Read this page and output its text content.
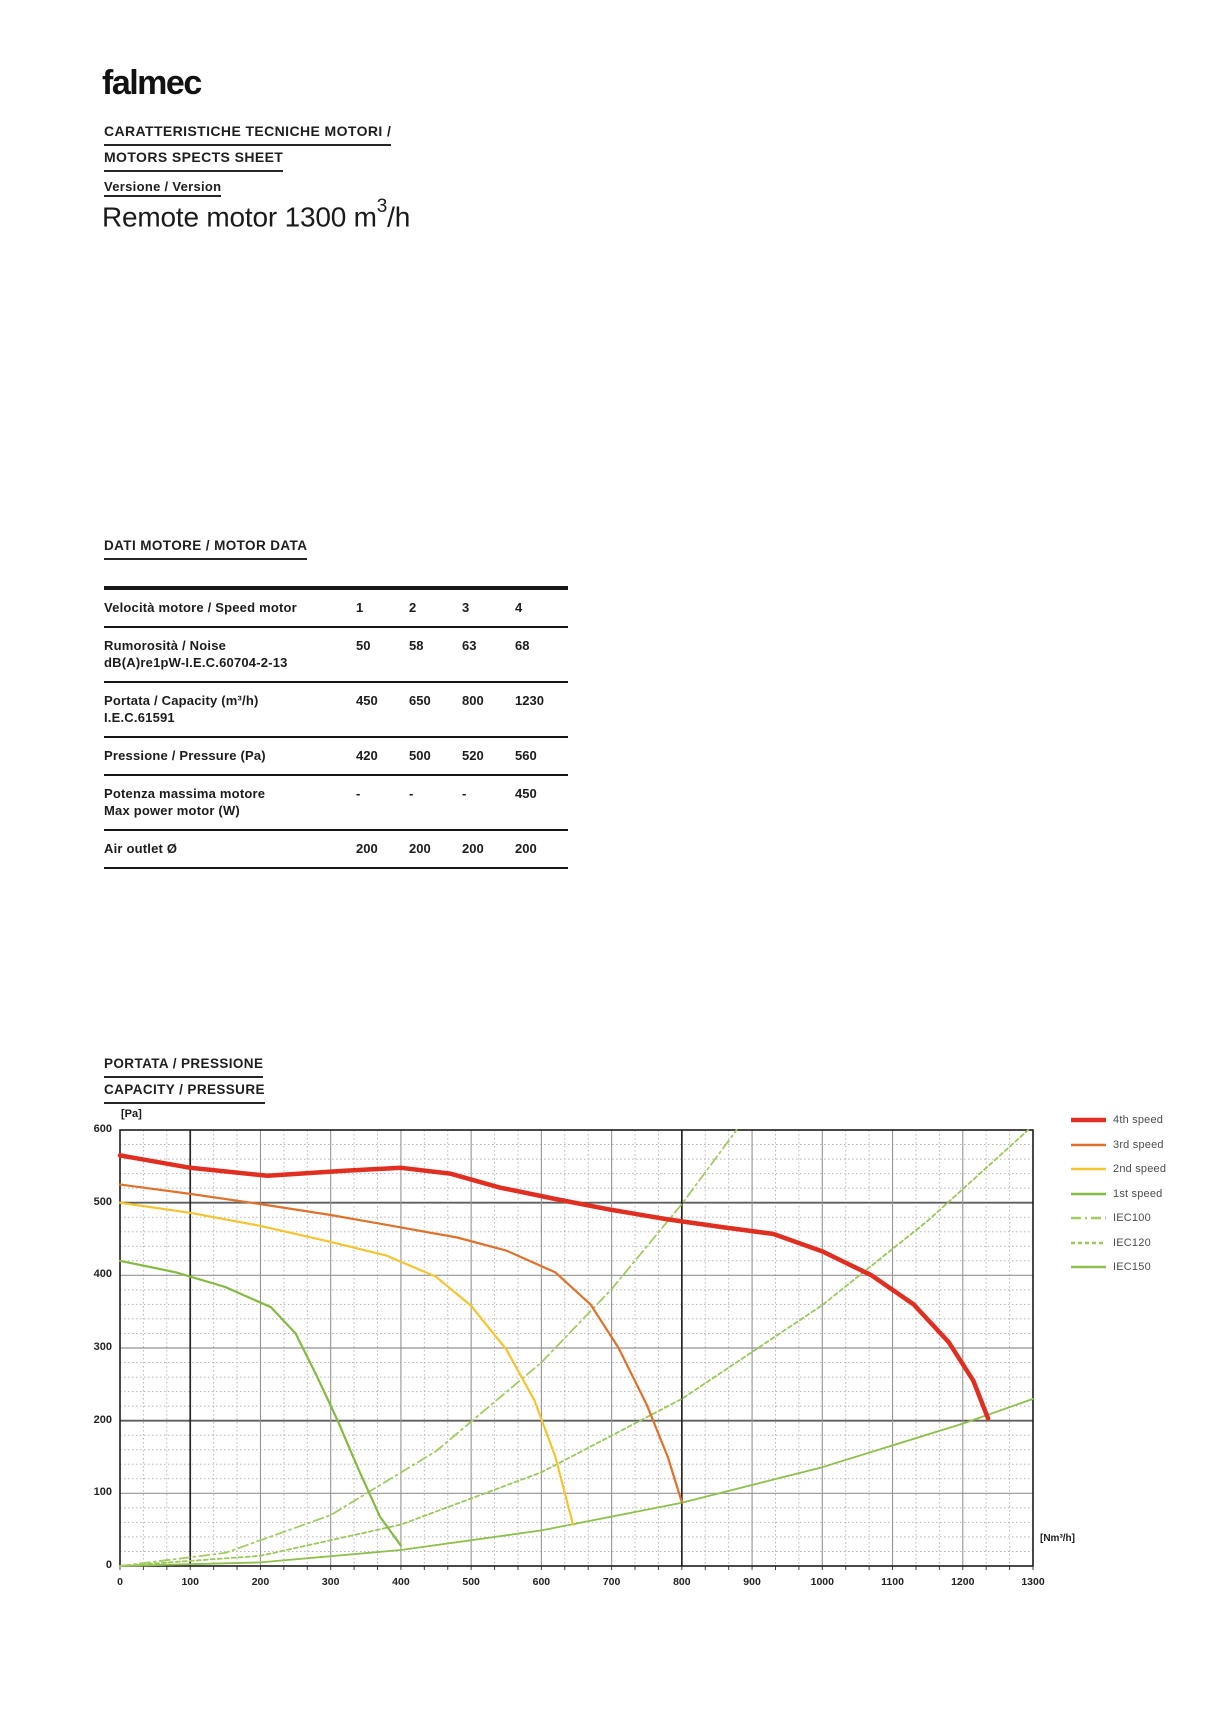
falmec
CARATTERISTICHE TECNICHE MOTORI /
MOTORS SPECTS SHEET
Versione / Version
Remote motor 1300 $m^3/h$
DATI MOTORE / MOTOR DATA
Velocità motore / Speed motor	1	2	3	4
Rumorosità / Noise
dB(A)re1pW-I.E.C.60704-2-13	50	58	63	68
Portata / Capacity (m³/h)
I.E.C.61591	450	650	800	1230
Pressione / Pressure (Pa)	420	500	520	560
Potenza massima motore
Max power motor (W)	-	-	-	450
Air outlet Ø	200	200	200	200
PORTATA / PRESSIONE
CAPACITY / PRESSURE
[Pa]
0
100
200
300
400
500
600
0	100	200	300	400	500	600	700	800	900	1000	1100	1200	1300
[Nm³/h]
4th speed
3rd speed
2nd speed
1st speed
IEC100
IEC120
IEC150
